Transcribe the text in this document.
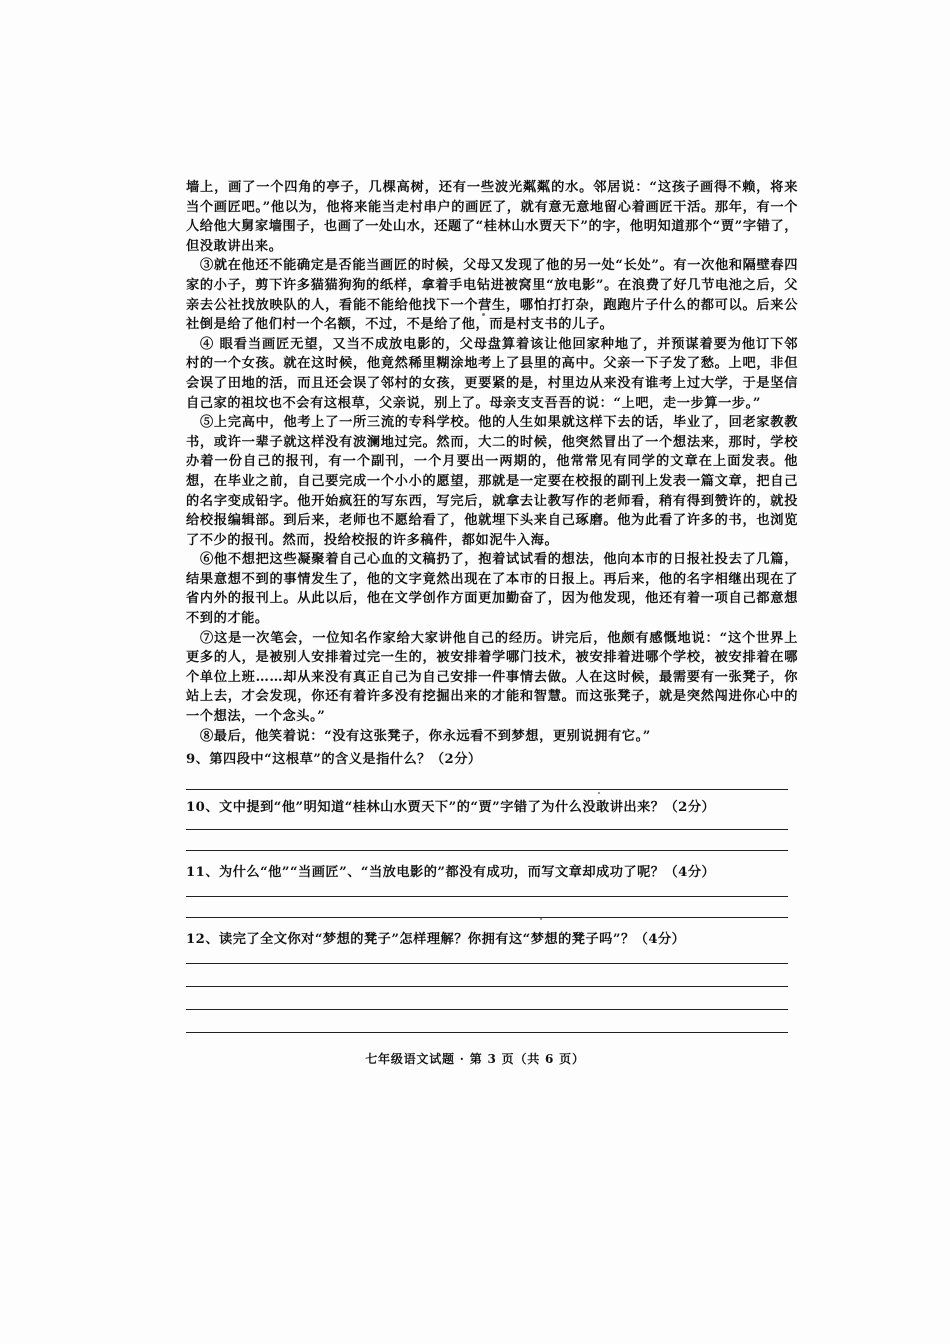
墙上，画了一个四角的亭子，几棵高树，还有一些波光粼粼的水。邻居说：“这孩子画得不赖，将来当个画匠吧。”他以为，他将来能当走村串户的画匠了，就有意无意地留心着画匠干活。那年，有一个人给他大舅家墙围子，也画了一处山水，还题了“桂林山水贾天下”的字，他明知道那个“贾”字错了，但没敢讲出来。

③就在他还不能确定是否能当画匠的时候，父母又发现了他的另一处“长处”。有一次他和隔壁春四家的小子，剪下许多猫猫狗狗的纸样，拿着手电钻进被窝里“放电影”。在浪费了好几节电池之后，父亲去公社找放映队的人，看能不能给他找下一个营生，哪怕打打杂，跑跑片子什么的都可以。后来公社倒是给了他们村一个名额，不过，不是给了他，而是村支书的儿子。

④ 眼看当画匠无望，又当不成放电影的，父母盘算着该让他回家种地了，并预谋着要为他订下邻村的一个女孩。就在这时候，他竟然稀里糊涂地考上了县里的高中。父亲一下子发了愁。上吧，非但会误了田地的活，而且还会误了邻村的女孩，更要紧的是，村里边从来没有谁考上过大学，于是坚信自己家的祖坟也不会有这根草，父亲说，别上了。母亲支支吾吾的说：“上吧，走一步算一步。”

⑤上完高中，他考上了一所三流的专科学校。他的人生如果就这样下去的话，毕业了，回老家教教书，或许一辈子就这样没有波澜地过完。然而，大二的时候，他突然冒出了一个想法来，那时，学校办着一份自己的报刊，有一个副刊，一个月要出一两期的，他常常见有同学的文章在上面发表。他想，在毕业之前，自己要完成一个小小的愿望，那就是一定要在校报的副刊上发表一篇文章，把自己的名字变成铅字。他开始疯狂的写东西，写完后，就拿去让教写作的老师看，稍有得到赞许的，就投给校报编辑部。到后来，老师也不愿给看了，他就埋下头来自己琢磨。他为此看了许多的书，也浏览了不少的报刊。然而，投给校报的许多稿件，都如泥牛入海。

⑥他不想把这些凝聚着自己心血的文稿扔了，抱着试试看的想法，他向本市的日报社投去了几篇，结果意想不到的事情发生了，他的文字竟然出现在了本市的日报上。再后来，他的名字相继出现在了省内外的报刊上。从此以后，他在文学创作方面更加勤奋了，因为他发现，他还有着一项自己都意想不到的才能。

⑦这是一次笔会，一位知名作家给大家讲他自己的经历。讲完后，他颇有感慨地说：“这个世界上更多的人，是被别人安排着过完一生的，被安排着学哪门技术，被安排着进哪个学校，被安排着在哪个单位上班……却从来没有真正自己为自己安排一件事情去做。人在这时候，最需要有一张凳子，你站上去，才会发现，你还有着许多没有挖掘出来的才能和智慧。而这张凳子，就是突然闯进你心中的一个想法，一个念头。”

⑧最后，他笑着说：“没有这张凳子，你永远看不到梦想，更别说拥有它。”

9、第四段中“这根草”的含义是指什么？（2分）
10、文中提到“他”明知道“桂林山水贾天下”的“贾”字错了为什么没敢讲出来？（2分）
11、为什么“他”“当画匠”、“当放电影的”都没有成功，而写文章却成功了呢？（4分）
12、读完了全文你对“梦想的凳子”怎样理解？你拥有这“梦想的凳子吗”？（4分）
七年级语文试题 · 第 3 页（共 6 页）
